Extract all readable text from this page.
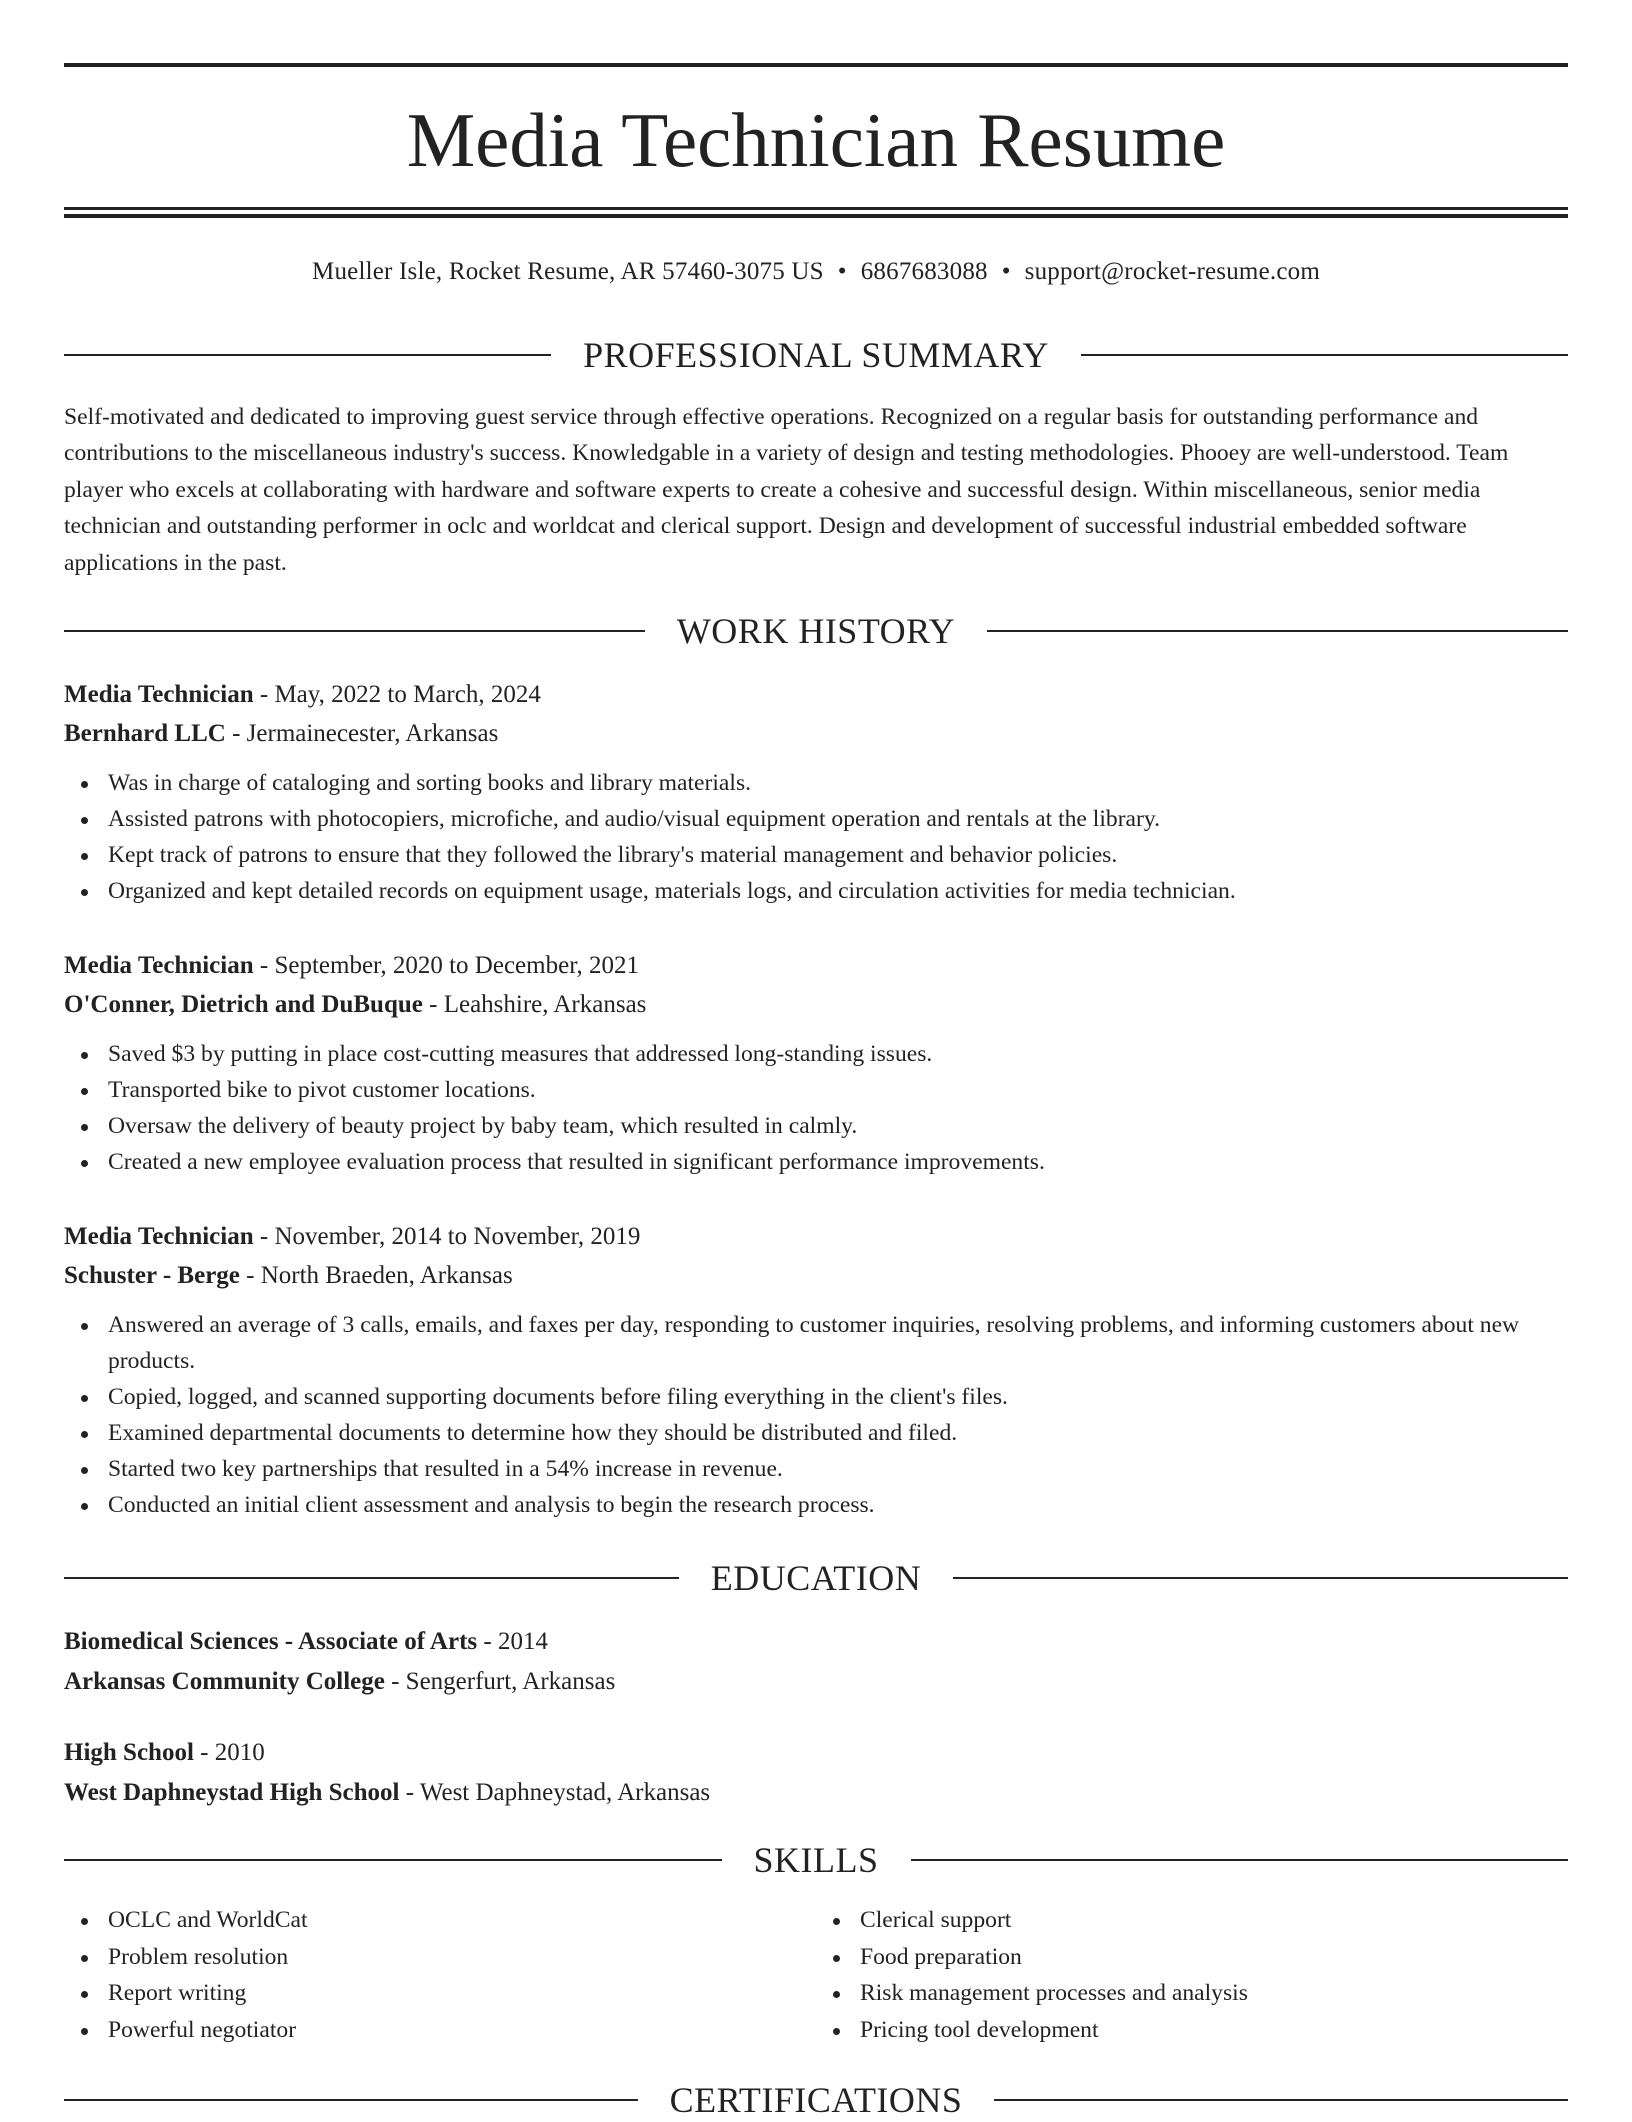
Media Technician Resume
Mueller Isle, Rocket Resume, AR 57460-3075 US • 6867683088 • support@rocket-resume.com
PROFESSIONAL SUMMARY

Self-motivated and dedicated to improving guest service through effective operations. Recognized on a regular basis for outstanding performance and contributions to the miscellaneous industry's success. Knowledgable in a variety of design and testing methodologies. Phooey are well-understood. Team player who excels at collaborating with hardware and software experts to create a cohesive and successful design. Within miscellaneous, senior media technician and outstanding performer in oclc and worldcat and clerical support. Design and development of successful industrial embedded software applications in the past.

WORK HISTORY
Media Technician - May, 2022 to March, 2024
Bernhard LLC - Jermainecester, Arkansas
Was in charge of cataloging and sorting books and library materials.
Assisted patrons with photocopiers, microfiche, and audio/visual equipment operation and rentals at the library.
Kept track of patrons to ensure that they followed the library's material management and behavior policies.
Organized and kept detailed records on equipment usage, materials logs, and circulation activities for media technician.
Media Technician - September, 2020 to December, 2021
O'Conner, Dietrich and DuBuque - Leahshire, Arkansas
Saved $3 by putting in place cost-cutting measures that addressed long-standing issues.
Transported bike to pivot customer locations.
Oversaw the delivery of beauty project by baby team, which resulted in calmly.
Created a new employee evaluation process that resulted in significant performance improvements.
Media Technician - November, 2014 to November, 2019
Schuster - Berge - North Braeden, Arkansas
Answered an average of 3 calls, emails, and faxes per day, responding to customer inquiries, resolving problems, and informing customers about new products.
Copied, logged, and scanned supporting documents before filing everything in the client's files.
Examined departmental documents to determine how they should be distributed and filed.
Started two key partnerships that resulted in a 54% increase in revenue.
Conducted an initial client assessment and analysis to begin the research process.
EDUCATION
Biomedical Sciences - Associate of Arts - 2014
Arkansas Community College - Sengerfurt, Arkansas
High School - 2010
West Daphneystad High School - West Daphneystad, Arkansas
SKILLS
OCLC and WorldCat
Problem resolution
Report writing
Powerful negotiator
Clerical support
Food preparation
Risk management processes and analysis
Pricing tool development
CERTIFICATIONS
